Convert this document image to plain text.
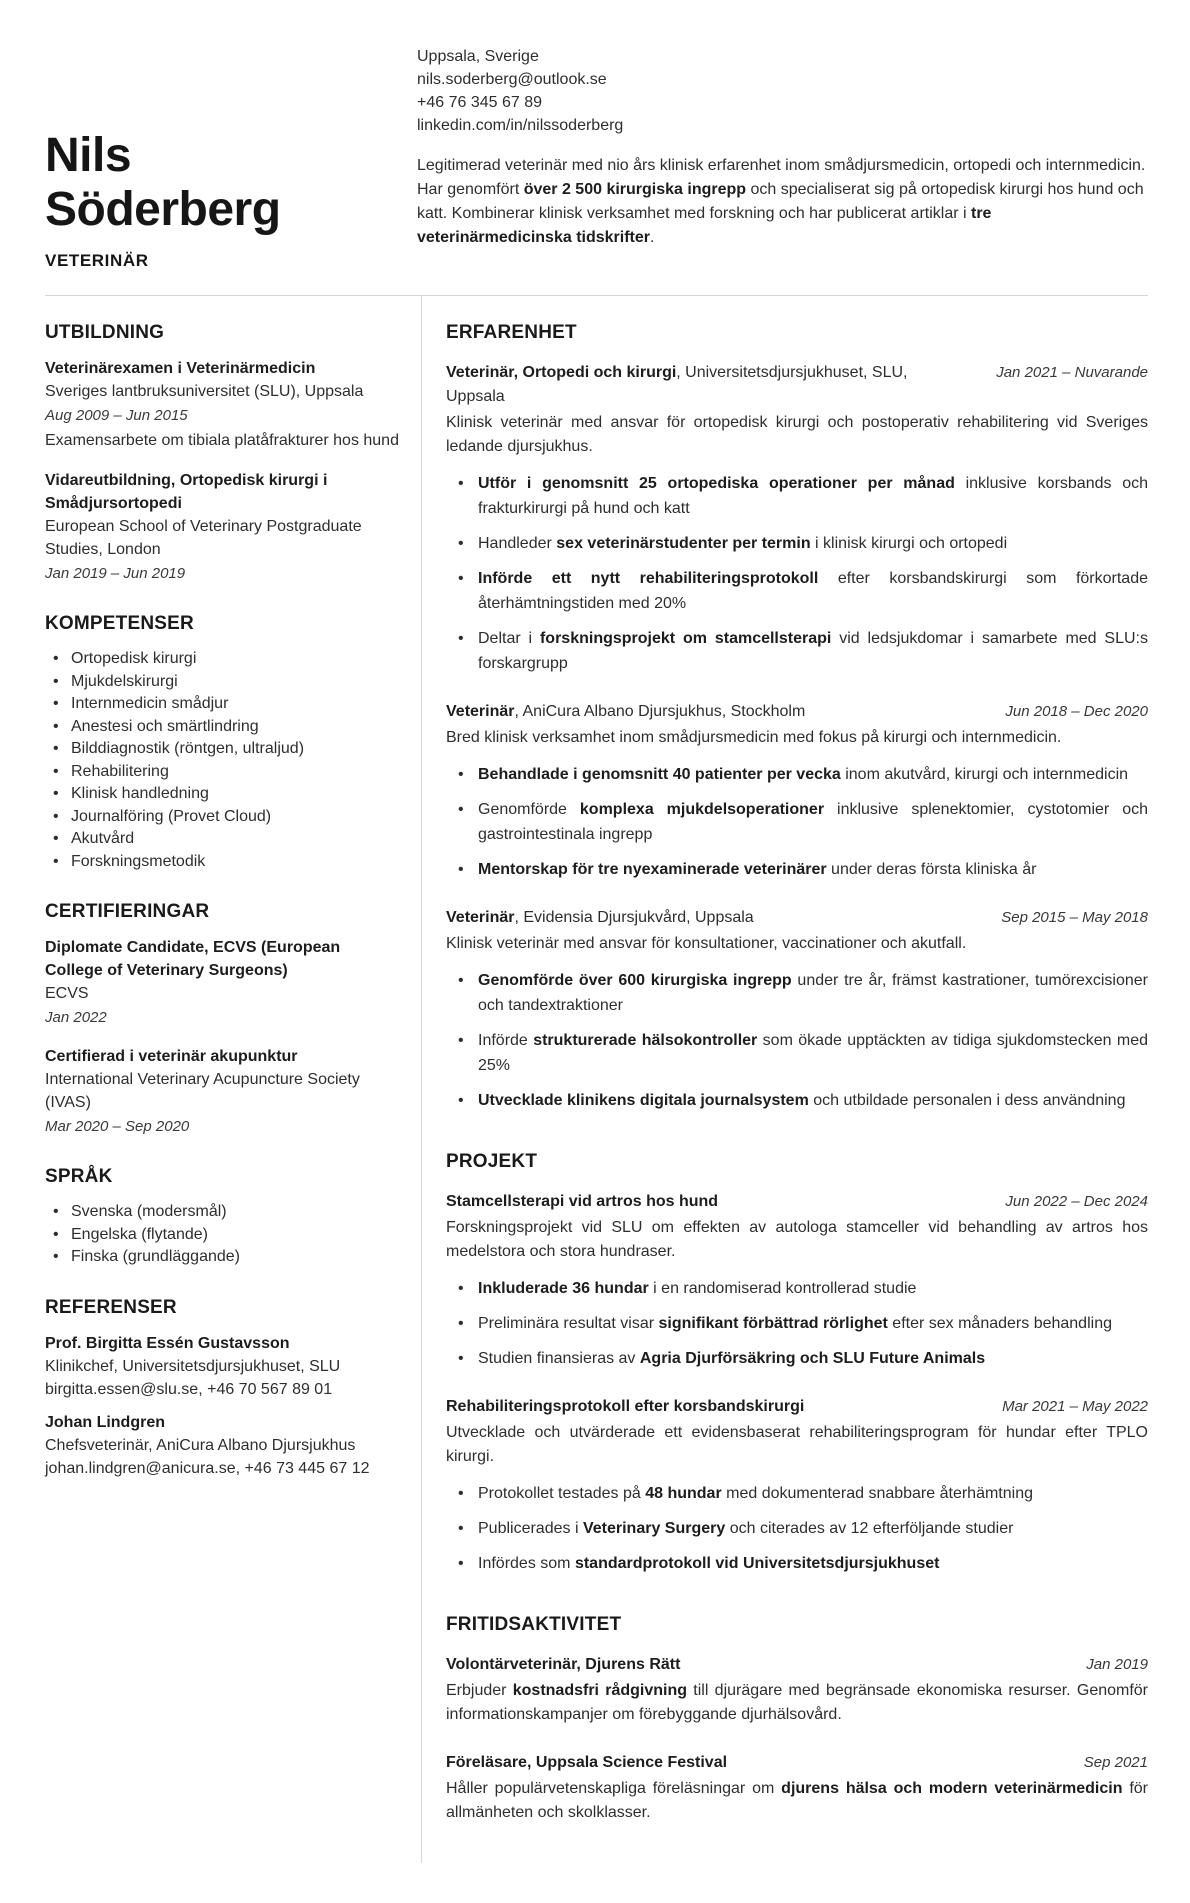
Nils
Söderberg
VETERINÄR
Uppsala, Sverige
nils.soderberg@outlook.se
+46 76 345 67 89
linkedin.com/in/nilssoderberg

Legitimerad veterinär med nio års klinisk erfarenhet inom smådjursmedicin, ortopedi och internmedicin. Har genomfört över 2 500 kirurgiska ingrepp och specialiserat sig på ortopedisk kirurgi hos hund och katt. Kombinerar klinisk verksamhet med forskning och har publicerat artiklar i tre veterinärmedicinska tidskrifter.

UTBILDNING
Veterinärexamen i Veterinärmedicin
Sveriges lantbruksuniversitet (SLU), Uppsala
Aug 2009 – Jun 2015
Examensarbete om tibiala platåfrakturer hos hund
Vidareutbildning, Ortopedisk kirurgi i Smådjursortopedi
European School of Veterinary Postgraduate Studies, London
Jan 2019 – Jun 2019
KOMPETENSER
• Ortopedisk kirurgi
• Mjukdelskirurgi
• Internmedicin smådjur
• Anestesi och smärtlindring
• Bilddiagnostik (röntgen, ultraljud)
• Rehabilitering
• Klinisk handledning
• Journalföring (Provet Cloud)
• Akutvård
• Forskningsmetodik
CERTIFIERINGAR
Diplomate Candidate, ECVS (European College of Veterinary Surgeons)
ECVS
Jan 2022
Certifierad i veterinär akupunktur
International Veterinary Acupuncture Society (IVAS)
Mar 2020 – Sep 2020
SPRÅK
• Svenska (modersmål)
• Engelska (flytande)
• Finska (grundläggande)
REFERENSER
Prof. Birgitta Essén Gustavsson
Klinikchef, Universitetsdjursjukhuset, SLU
birgitta.essen@slu.se, +46 70 567 89 01
Johan Lindgren
Chefsveterinär, AniCura Albano Djursjukhus
johan.lindgren@anicura.se, +46 73 445 67 12
ERFARENHET
Veterinär, Ortopedi och kirurgi, Universitetsdjursjukhuset, SLU, Uppsala
Jan 2021 – Nuvarande
Klinisk veterinär med ansvar för ortopedisk kirurgi och postoperativ rehabilitering vid Sveriges ledande djursjukhus.
• Utför i genomsnitt 25 ortopediska operationer per månad inklusive korsbands och frakturkirurgi på hund och katt
• Handleder sex veterinärstudenter per termin i klinisk kirurgi och ortopedi
• Införde ett nytt rehabiliteringsprotokoll efter korsbandskirurgi som förkortade återhämtningstiden med 20%
• Deltar i forskningsprojekt om stamcellsterapi vid ledsjukdomar i samarbete med SLU:s forskargrupp
Veterinär, AniCura Albano Djursjukhus, Stockholm	Jun 2018 – Dec 2020
Bred klinisk verksamhet inom smådjursmedicin med fokus på kirurgi och internmedicin.
• Behandlade i genomsnitt 40 patienter per vecka inom akutvård, kirurgi och internmedicin
• Genomförde komplexa mjukdelsoperationer inklusive splenektomier, cystotomier och gastrointestinala ingrepp
• Mentorskap för tre nyexaminerade veterinärer under deras första kliniska år
Veterinär, Evidensia Djursjukvård, Uppsala	Sep 2015 – May 2018
Klinisk veterinär med ansvar för konsultationer, vaccinationer och akutfall.
• Genomförde över 600 kirurgiska ingrepp under tre år, främst kastrationer, tumörexcisioner och tandextraktioner
• Införde strukturerade hälsokontroller som ökade upptäckten av tidiga sjukdomstecken med 25%
• Utvecklade klinikens digitala journalsystem och utbildade personalen i dess användning
PROJEKT
Stamcellsterapi vid artros hos hund	Jun 2022 – Dec 2024
Forskningsprojekt vid SLU om effekten av autologa stamceller vid behandling av artros hos medelstora och stora hundraser.
• Inkluderade 36 hundar i en randomiserad kontrollerad studie
• Preliminära resultat visar signifikant förbättrad rörlighet efter sex månaders behandling
• Studien finansieras av Agria Djurförsäkring och SLU Future Animals
Rehabiliteringsprotokoll efter korsbandskirurgi	Mar 2021 – May 2022
Utvecklade och utvärderade ett evidensbaserat rehabiliteringsprogram för hundar efter TPLO kirurgi.
• Protokollet testades på 48 hundar med dokumenterad snabbare återhämtning
• Publicerades i Veterinary Surgery och citerades av 12 efterföljande studier
• Infördes som standardprotokoll vid Universitetsdjursjukhuset
FRITIDSAKTIVITET
Volontärveterinär, Djurens Rätt	Jan 2019
Erbjuder kostnadsfri rådgivning till djurägare med begränsade ekonomiska resurser. Genomför informationskampanjer om förebyggande djurhälsovård.
Föreläsare, Uppsala Science Festival	Sep 2021
Håller populärvetenskapliga föreläsningar om djurens hälsa och modern veterinärmedicin för allmänheten och skolklasser.
